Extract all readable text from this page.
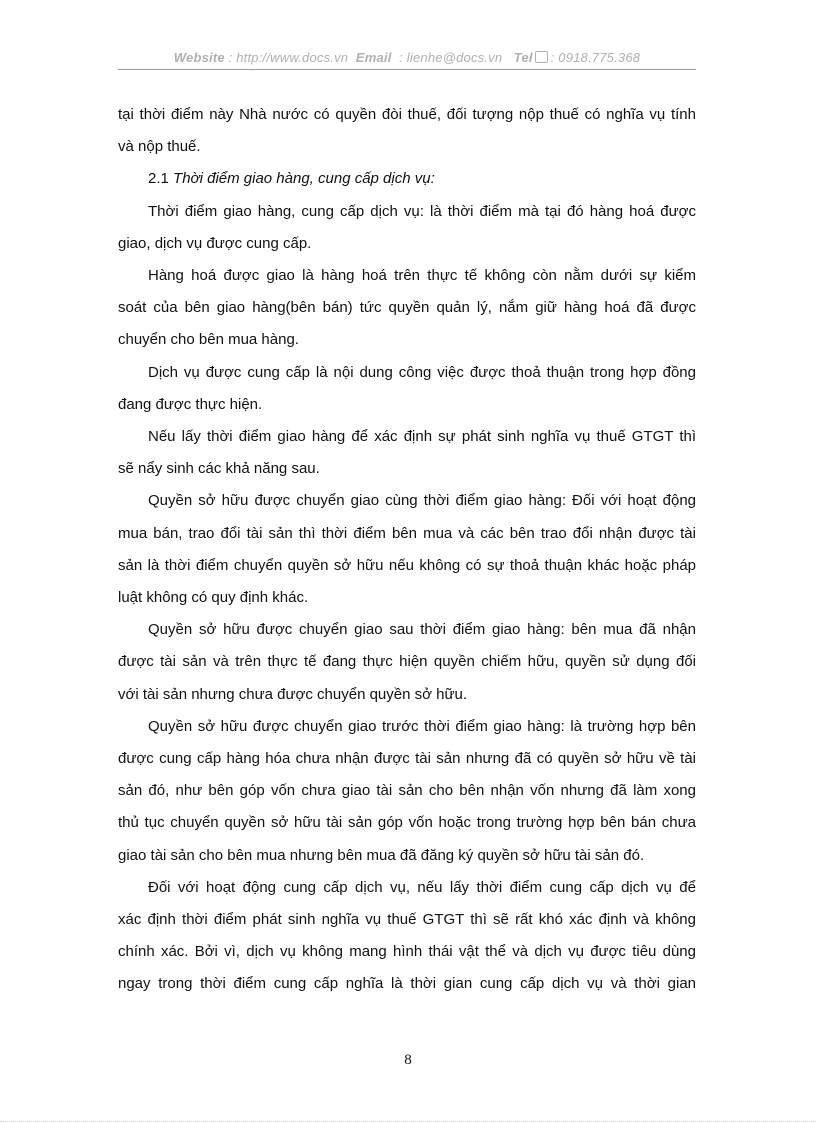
Website : http://www.docs.vn Email  : lienhe@docs.vn Tel : 0918.775.368
tại thời điểm này Nhà nước có quyền đòi thuế, đối tượng nộp thuế có nghĩa vụ tính
và nộp thuế.
2.1 Thời điểm giao hàng, cung cấp dịch vụ:
Thời điểm giao hàng, cung cấp dịch vụ: là thời điểm mà tại đó hàng hoá được
giao, dịch vụ được cung cấp.
Hàng hoá được giao là hàng hoá trên thực tế không còn nằm dưới sự kiểm
soát của bên giao hàng(bên bán) tức quyền quản lý, nắm giữ hàng hoá đã được
chuyển cho bên mua hàng.
Dịch vụ được cung cấp là nội dung công việc được thoả thuận trong hợp đồng
đang được thực hiện.
Nếu lấy thời điểm giao hàng để xác định sự phát sinh nghĩa vụ thuế GTGT thì
sẽ nẩy sinh các khả năng sau.
Quyền sở hữu được chuyển giao cùng thời điểm giao hàng: Đối với hoạt động
mua bán, trao đổi tài sản thì thời điểm bên mua và các bên trao đổi nhận được tài
sản là thời điểm chuyển quyền sở hữu nếu không có sự thoả thuận khác hoặc pháp
luật không có quy định khác.
Quyền sở hữu được chuyển giao sau thời điểm giao hàng: bên mua đã nhận
được tài sản và trên thực tế đang thực hiện quyền chiếm hữu, quyền sử dụng đối
với tài sản nhưng chưa được chuyển quyền sở hữu.
Quyền sở hữu được chuyển giao trước thời điểm giao hàng: là trường hợp bên
được cung cấp hàng hóa chưa nhận được tài sản nhưng đã có quyền sở hữu về tài
sản đó, như bên góp vốn chưa giao tài sản cho bên nhận vốn nhưng đã làm xong
thủ tục chuyển quyền sở hữu tài sản góp vốn hoặc trong trường hợp bên bán chưa
giao tài sản cho bên mua nhưng bên mua đã đăng ký quyền sở hữu tài sản đó.
Đối với hoạt động cung cấp dịch vụ, nếu lấy thời điểm cung cấp dịch vụ để
xác định thời điểm phát sinh nghĩa vụ thuế GTGT thì sẽ rất khó xác định và không
chính xác. Bởi vì, dịch vụ không mang hình thái vật thể và dịch vụ được tiêu dùng
ngay trong thời điểm cung cấp nghĩa là thời gian cung cấp dịch vụ và thời gian
8
